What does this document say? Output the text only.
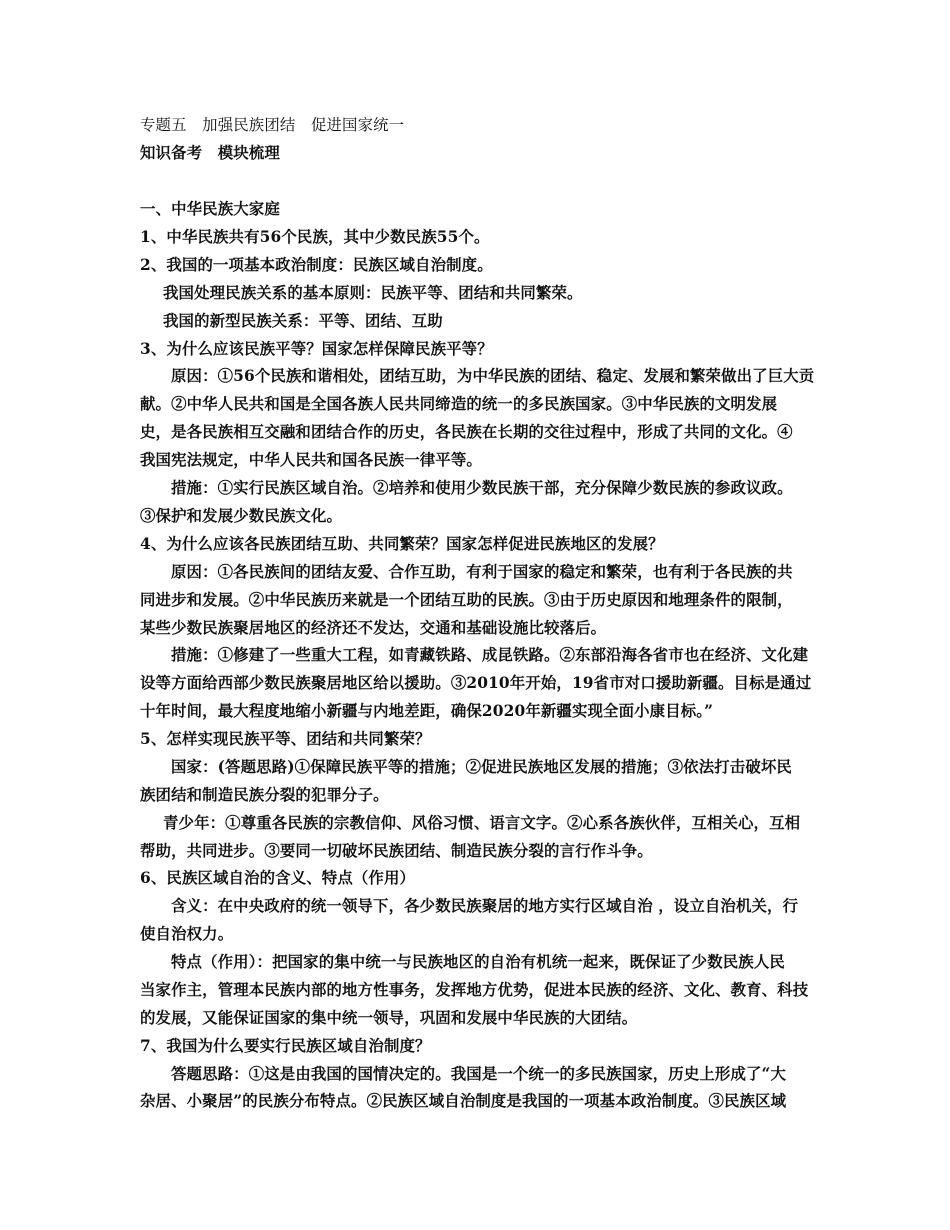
专题五　加强民族团结　促进国家统一
知识备考　模块梳理
一、中华民族大家庭
1、中华民族共有56个民族，其中少数民族55个。
2、我国的一项基本政治制度：民族区域自治制度。
我国处理民族关系的基本原则：民族平等、团结和共同繁荣。
我国的新型民族关系：平等、团结、互助
3、为什么应该民族平等？国家怎样保障民族平等？
原因：①56个民族和谐相处，团结互助，为中华民族的团结、稳定、发展和繁荣做出了巨大贡
献。②中华人民共和国是全国各族人民共同缔造的统一的多民族国家。③中华民族的文明发展
史，是各民族相互交融和团结合作的历史，各民族在长期的交往过程中，形成了共同的文化。④
我国宪法规定，中华人民共和国各民族一律平等。
措施：①实行民族区域自治。②培养和使用少数民族干部，充分保障少数民族的参政议政。
③保护和发展少数民族文化。
4、为什么应该各民族团结互助、共同繁荣？国家怎样促进民族地区的发展？
原因：①各民族间的团结友爱、合作互助，有利于国家的稳定和繁荣，也有利于各民族的共
同进步和发展。②中华民族历来就是一个团结互助的民族。③由于历史原因和地理条件的限制，
某些少数民族聚居地区的经济还不发达，交通和基础设施比较落后。
措施：①修建了一些重大工程，如青藏铁路、成昆铁路。②东部沿海各省市也在经济、文化建
设等方面给西部少数民族聚居地区给以援助。③2010年开始，19省市对口援助新疆。目标是通过
十年时间，最大程度地缩小新疆与内地差距，确保2020年新疆实现全面小康目标。”
5、怎样实现民族平等、团结和共同繁荣？
国家：(答题思路)①保障民族平等的措施；②促进民族地区发展的措施；③依法打击破坏民
族团结和制造民族分裂的犯罪分子。
青少年：①尊重各民族的宗教信仰、风俗习惯、语言文字。②心系各族伙伴，互相关心，互相
帮助，共同进步。③要同一切破坏民族团结、制造民族分裂的言行作斗争。
6、民族区域自治的含义、特点（作用）
含义：在中央政府的统一领导下，各少数民族聚居的地方实行区域自治 ，设立自治机关，行
使自治权力。
特点（作用）：把国家的集中统一与民族地区的自治有机统一起来，既保证了少数民族人民
当家作主，管理本民族内部的地方性事务，发挥地方优势，促进本民族的经济、文化、教育、科技
的发展，又能保证国家的集中统一领导，巩固和发展中华民族的大团结。
7、我国为什么要实行民族区域自治制度？
答题思路：①这是由我国的国情决定的。我国是一个统一的多民族国家，历史上形成了“大
杂居、小聚居”的民族分布特点。②民族区域自治制度是我国的一项基本政治制度。③民族区域
